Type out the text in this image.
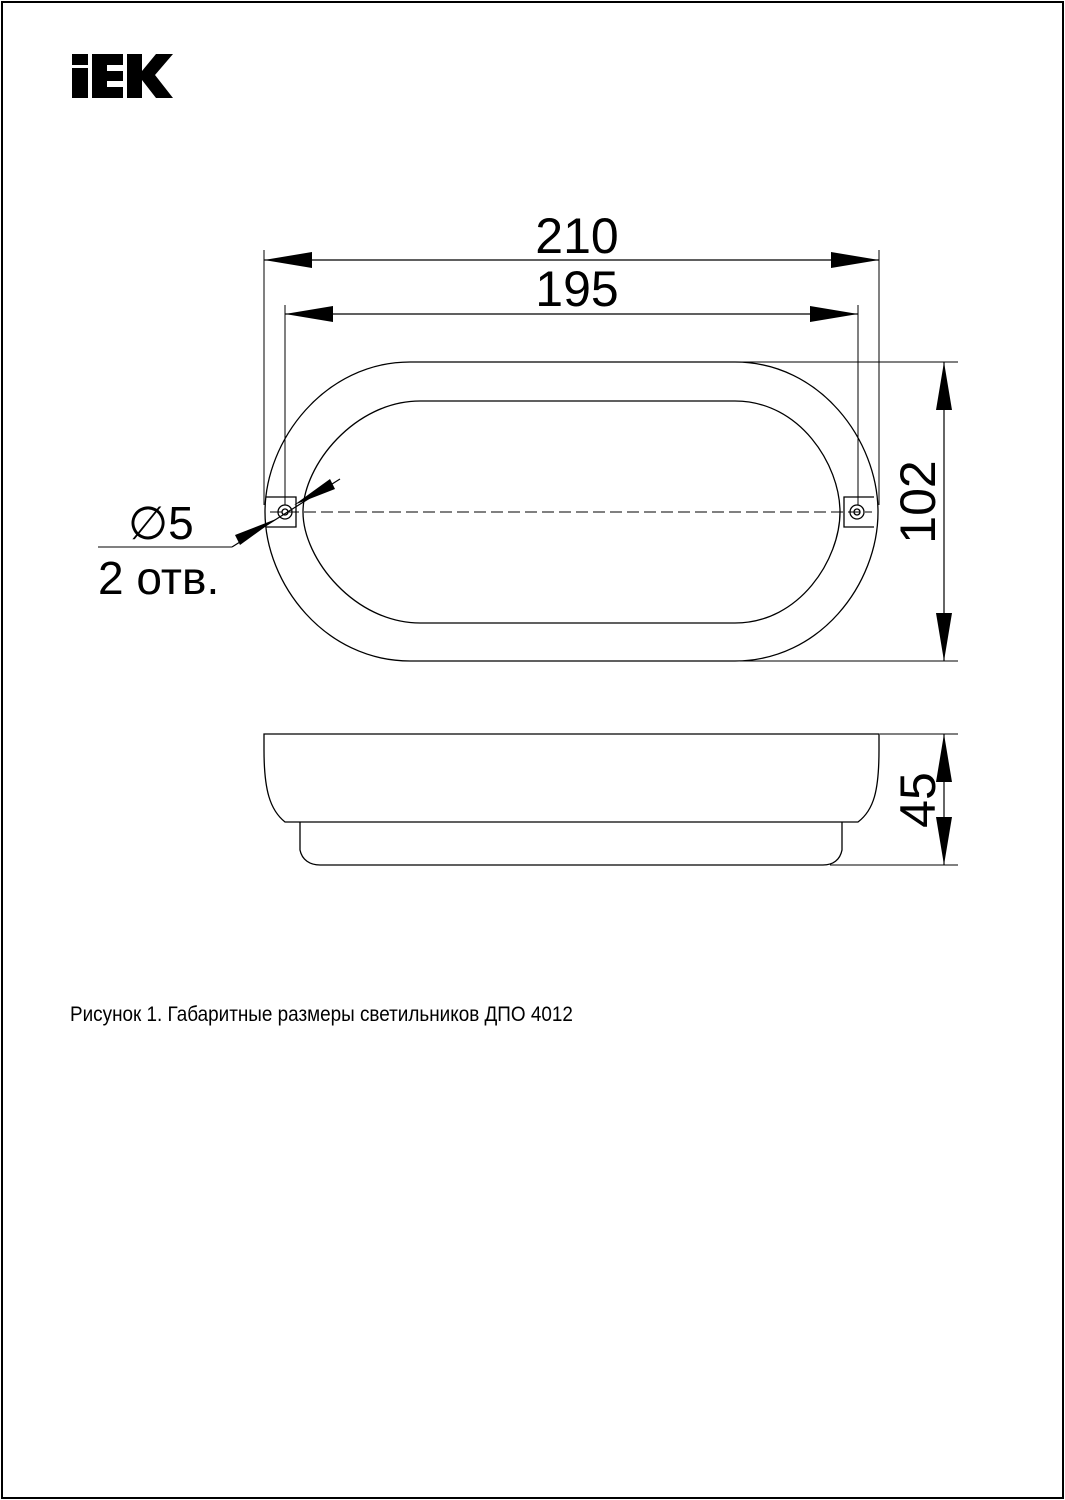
210
195
102
∅5
2 отв.
45
Рисунок 1. Габаритные размеры светильников ДПО 4012
